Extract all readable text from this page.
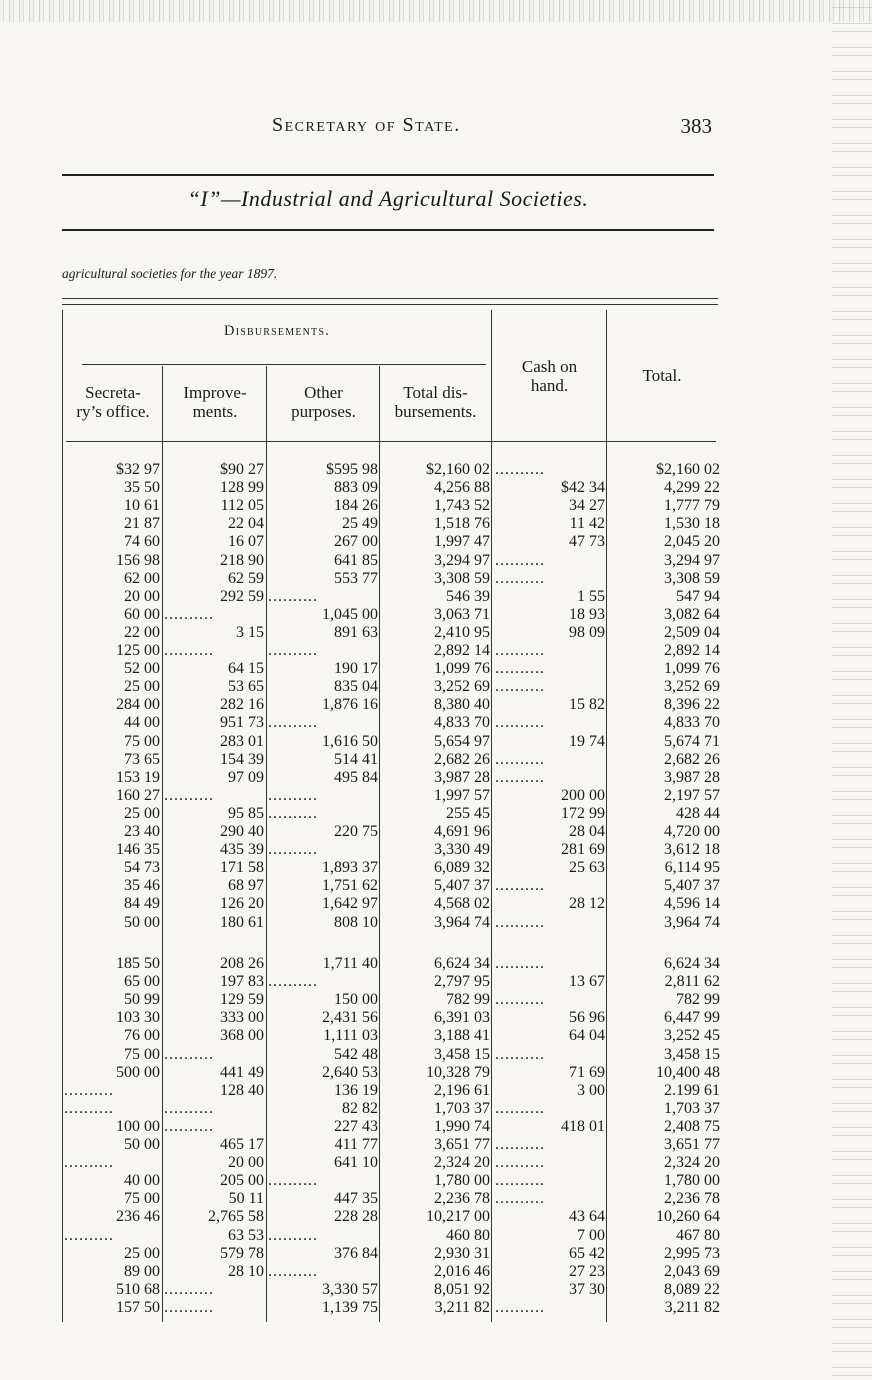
Secretary of State.	383
“I”—Industrial and Agricultural Societies.
agricultural societies for the year 1897.
Disbursements.
Secreta-
ry’s office.
Improve-
ments.
Other
purposes.
Total dis-
bursements.
Cash on
hand.
Total.
$32 97	$90 27	$595 98	$2,160 02 ..........	$2,160 02
35 50	128 99	883 09	4,256 88	$42 34	4,299 22
10 61	112 05	184 26	1,743 52	34 27	1,777 79
21 87	22 04	25 49	1,518 76	11 42	1,530 18
74 60	16 07	267 00	1,997 47	47 73	2,045 20
156 98	218 90	641 85	3,294 97 ..........	3,294 97
62 00	62 59	553 77	3,308 59 ..........	3,308 59
20 00	292 59 ..........	546 39	1 55	547 94
60 00 ..........	1,045 00	3,063 71	18 93	3,082 64
22 00	3 15	891 63	2,410 95	98 09	2,509 04
125 00 ..........	..........	2,892 14 ..........	2,892 14
52 00	64 15	190 17	1,099 76 ..........	1,099 76
25 00	53 65	835 04	3,252 69 ..........	3,252 69
284 00	282 16	1,876 16	8,380 40	15 82	8,396 22
44 00	951 73 ..........	4,833 70 ..........	4,833 70
75 00	283 01	1,616 50	5,654 97	19 74	5,674 71
73 65	154 39	514 41	2,682 26 ..........	2,682 26
153 19	97 09	495 84	3,987 28 ..........	3,987 28
160 27 ..........	..........	1,997 57	200 00	2,197 57
25 00	95 85 ..........	255 45	172 99	428 44
23 40	290 40	220 75	4,691 96	28 04	4,720 00
146 35	435 39 ..........	3,330 49	281 69	3,612 18
54 73	171 58	1,893 37	6,089 32	25 63	6,114 95
35 46	68 97	1,751 62	5,407 37 ..........	5,407 37
84 49	126 20	1,642 97	4,568 02	28 12	4,596 14
50 00	180 61	808 10	3,964 74 ..........	3,964 74
185 50	208 26	1,711 40	6,624 34 ..........	6,624 34
65 00	197 83 ..........	2,797 95	13 67	2,811 62
50 99	129 59	150 00	782 99 ..........	782 99
103 30	333 00	2,431 56	6,391 03	56 96	6,447 99
76 00	368 00	1,111 03	3,188 41	64 04	3,252 45
75 00 ..........	542 48	3,458 15 ..........	3,458 15
500 00	441 49	2,640 53	10,328 79	71 69	10,400 48
..........	128 40	136 19	2,196 61	3 00	2.199 61
..........	..........	82 82	1,703 37 ..........	1,703 37
100 00 ..........	227 43	1,990 74	418 01	2,408 75
50 00	465 17	411 77	3,651 77 ..........	3,651 77
..........	20 00	641 10	2,324 20 ..........	2,324 20
40 00	205 00 ..........	1,780 00 ..........	1,780 00
75 00	50 11	447 35	2,236 78 ..........	2,236 78
236 46	2,765 58	228 28	10,217 00	43 64	10,260 64
..........	63 53 ..........	460 80	7 00	467 80
25 00	579 78	376 84	2,930 31	65 42	2,995 73
89 00	28 10 ..........	2,016 46	27 23	2,043 69
510 68 ..........	3,330 57	8,051 92	37 30	8,089 22
157 50 ..........	1,139 75	3,211 82 ..........	3,211 82
